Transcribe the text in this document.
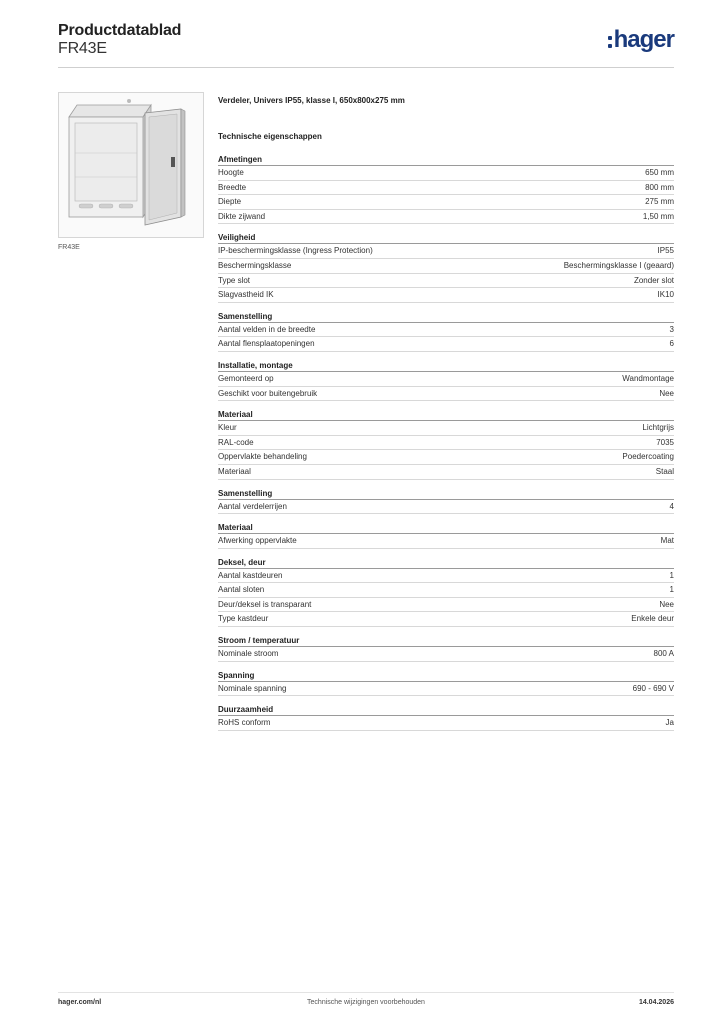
Productdatablad
FR43E	hager
FR43E
Verdeler, Univers IP55, klasse I, 650x800x275 mm
Technische eigenschappen
Afmetingen
Hoogte	650 mm
Breedte	800 mm
Diepte	275 mm
Dikte zijwand	1,50 mm
Veiligheid
IP-beschermingsklasse (Ingress Protection)	IP55
Beschermingsklasse	Beschermingsklasse I (geaard)
Type slot	Zonder slot
Slagvastheid IK	IK10
Samenstelling
Aantal velden in de breedte	3
Aantal flensplaatopeningen	6
Installatie, montage
Gemonteerd op	Wandmontage
Geschikt voor buitengebruik	Nee
Materiaal
Kleur	Lichtgrijs
RAL-code	7035
Oppervlakte behandeling	Poedercoating
Materiaal	Staal
Samenstelling
Aantal verdelerrijen	4
Materiaal
Afwerking oppervlakte	Mat
Deksel, deur
Aantal kastdeuren	1
Aantal sloten	1
Deur/deksel is transparant	Nee
Type kastdeur	Enkele deur
Stroom / temperatuur
Nominale stroom	800 A
Spanning
Nominale spanning	690 - 690 V
Duurzaamheid
RoHS conform	Ja
hager.com/nl	Technische wijzigingen voorbehouden	14.04.2026
